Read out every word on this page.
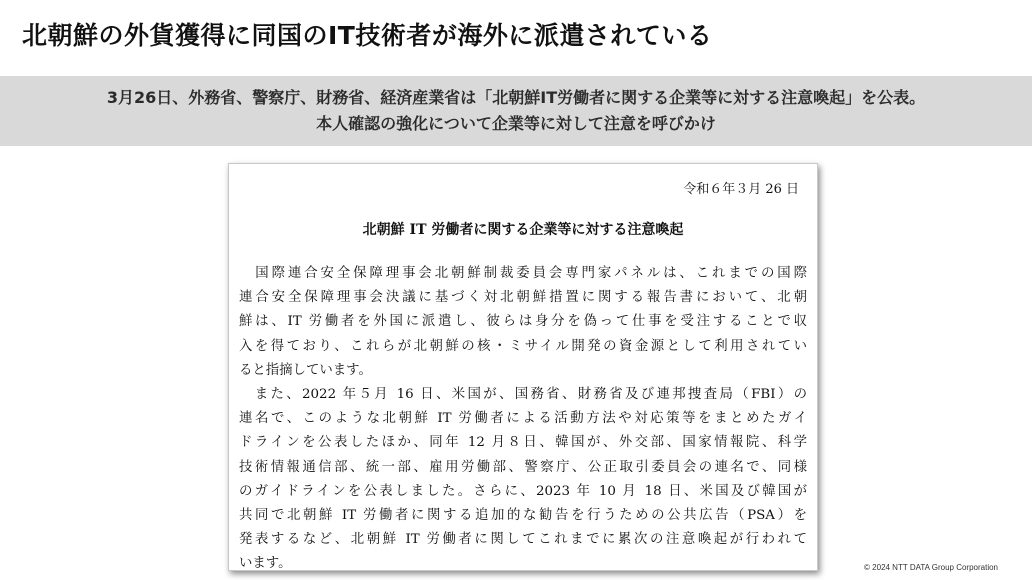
北朝鮮の外貨獲得に同国のIT技術者が海外に派遣されている
3月26日、外務省、警察庁、財務省、経済産業省は「北朝鮮IT労働者に関する企業等に対する注意喚起」を公表。
本人確認の強化について企業等に対して注意を呼びかけ
令和６年３月 26 日
北朝鮮 IT 労働者に関する企業等に対する注意喚起
　国際連合安全保障理事会北朝鮮制裁委員会専門家パネルは、これまでの国際
連合安全保障理事会決議に基づく対北朝鮮措置に関する報告書において、北朝
鮮は、IT 労働者を外国に派遣し、彼らは身分を偽って仕事を受注することで収
入を得ており、これらが北朝鮮の核・ミサイル開発の資金源として利用されてい
ると指摘しています。
　また、2022 年５月 16 日、米国が、国務省、財務省及び連邦捜査局（FBI）の
連名で、このような北朝鮮 IT 労働者による活動方法や対応策等をまとめたガイ
ドラインを公表したほか、同年 12 月８日、韓国が、外交部、国家情報院、科学
技術情報通信部、統一部、雇用労働部、警察庁、公正取引委員会の連名で、同様
のガイドラインを公表しました。さらに、2023 年 10 月 18 日、米国及び韓国が
共同で北朝鮮 IT 労働者に関する追加的な勧告を行うための公共広告（PSA）を
発表するなど、北朝鮮 IT 労働者に関してこれまでに累次の注意喚起が行われて
います。	© 2024 NTT DATA Group Corporation
